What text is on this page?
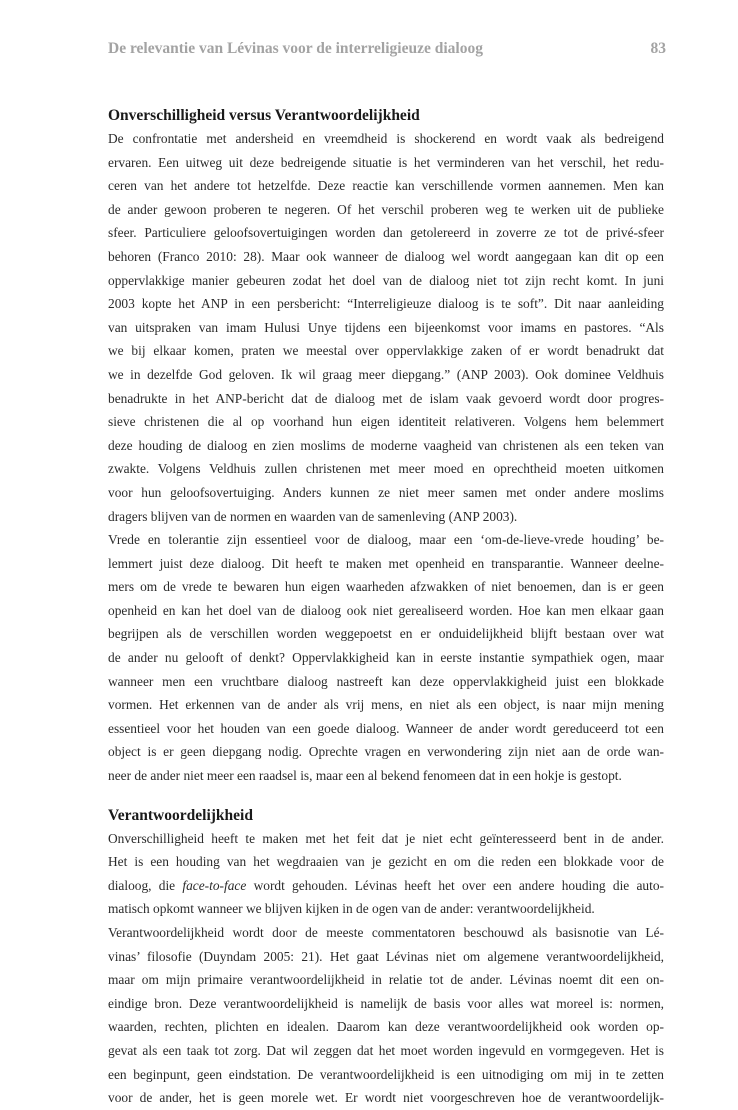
De relevantie van Lévinas voor de interreligieuze dialoog	83
Onverschilligheid versus Verantwoordelijkheid
De confrontatie met andersheid en vreemdheid is shockerend en wordt vaak als bedreigend
ervaren. Een uitweg uit deze bedreigende situatie is het verminderen van het verschil, het redu-
ceren van het andere tot hetzelfde. Deze reactie kan verschillende vormen aannemen. Men kan
de ander gewoon proberen te negeren. Of het verschil proberen weg te werken uit de publieke
sfeer. Particuliere geloofsovertuigingen worden dan getolereerd in zoverre ze tot de privé-sfeer
behoren (Franco 2010: 28). Maar ook wanneer de dialoog wel wordt aangegaan kan dit op een
oppervlakkige manier gebeuren zodat het doel van de dialoog niet tot zijn recht komt. In juni
2003 kopte het ANP in een persbericht: “Interreligieuze dialoog is te soft”. Dit naar aanleiding
van uitspraken van imam Hulusi Unye tijdens een bijeenkomst voor imams en pastores. “Als
we bij elkaar komen, praten we meestal over oppervlakkige zaken of er wordt benadrukt dat
we in dezelfde God geloven. Ik wil graag meer diepgang.” (ANP 2003). Ook dominee Veldhuis
benadrukte in het ANP-bericht dat de dialoog met de islam vaak gevoerd wordt door progres-
sieve christenen die al op voorhand hun eigen identiteit relativeren. Volgens hem belemmert
deze houding de dialoog en zien moslims de moderne vaagheid van christenen als een teken van
zwakte. Volgens Veldhuis zullen christenen met meer moed en oprechtheid moeten uitkomen
voor hun geloofsovertuiging. Anders kunnen ze niet meer samen met onder andere moslims
dragers blijven van de normen en waarden van de samenleving (ANP 2003).
Vrede en tolerantie zijn essentieel voor de dialoog, maar een ‘om-de-lieve-vrede houding’ be-
lemmert juist deze dialoog. Dit heeft te maken met openheid en transparantie. Wanneer deelne-
mers om de vrede te bewaren hun eigen waarheden afzwakken of niet benoemen, dan is er geen
openheid en kan het doel van de dialoog ook niet gerealiseerd worden. Hoe kan men elkaar gaan
begrijpen als de verschillen worden weggepoetst en er onduidelijkheid blijft bestaan over wat
de ander nu gelooft of denkt? Oppervlakkigheid kan in eerste instantie sympathiek ogen, maar
wanneer men een vruchtbare dialoog nastreeft kan deze oppervlakkigheid juist een blokkade
vormen. Het erkennen van de ander als vrij mens, en niet als een object, is naar mijn mening
essentieel voor het houden van een goede dialoog. Wanneer de ander wordt gereduceerd tot een
object is er geen diepgang nodig. Oprechte vragen en verwondering zijn niet aan de orde wan-
neer de ander niet meer een raadsel is, maar een al bekend fenomeen dat in een hokje is gestopt.
Verantwoordelijkheid
Onverschilligheid heeft te maken met het feit dat je niet echt geïnteresseerd bent in de ander.
Het is een houding van het wegdraaien van je gezicht en om die reden een blokkade voor de
dialoog, die face-to-face wordt gehouden. Lévinas heeft het over een andere houding die auto-
matisch opkomt wanneer we blijven kijken in de ogen van de ander: verantwoordelijkheid.
Verantwoordelijkheid wordt door de meeste commentatoren beschouwd als basisnotie van Lé-
vinas’ filosofie (Duyndam 2005: 21). Het gaat Lévinas niet om algemene verantwoordelijkheid,
maar om mijn primaire verantwoordelijkheid in relatie tot de ander. Lévinas noemt dit een on-
eindige bron. Deze verantwoordelijkheid is namelijk de basis voor alles wat moreel is: normen,
waarden, rechten, plichten en idealen. Daarom kan deze verantwoordelijkheid ook worden op-
gevat als een taak tot zorg. Dat wil zeggen dat het moet worden ingevuld en vormgegeven. Het is
een beginpunt, geen eindstation. De verantwoordelijkheid is een uitnodiging om mij in te zetten
voor de ander, het is geen morele wet. Er wordt niet voorgeschreven hoe de verantwoordelijk-
